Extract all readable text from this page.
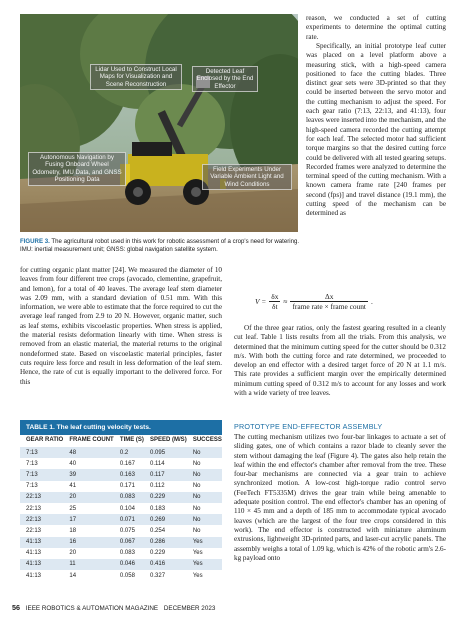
Lidar Used to Construct Local Maps for Visualization and Scene Reconstruction
Detected Leaf Enclosed by the End Effector
Autonomous Navigation by Fusing Onboard Wheel Odometry, IMU Data, and GNSS Positioning Data
Field Experiments Under Variable Ambient Light and Wind Conditions
FIGURE 3. The agricultural robot used in this work for robotic assessment of a crop's need for watering. IMU: inertial measurement unit; GNSS: global navigation satellite system.
for cutting organic plant matter [24]. We measured the diameter of 10 leaves from four different tree crops (avocado, clementine, grapefruit, and lemon), for a total of 40 leaves. The average leaf stem diameter was 2.09 mm, with a standard deviation of 0.51 mm. With this information, we were able to estimate that the force required to cut the average leaf ranged from 2.9 to 20 N. However, organic matter, such as leaf stems, exhibits viscoelastic properties. When stress is applied, the material resists deformation linearly with time. When stress is removed from an elastic material, the material returns to the original nondeformed state. Based on viscoelastic material principles, faster cuts require less force and result in less deformation of the leaf stem. Hence, the rate of cut is equally important to the delivered force. For this
TABLE 1. The leaf cutting velocity tests.
GEAR RATIO	FRAME COUNT	TIME (S)	SPEED (M/S)	SUCCESS
7:13	48	0.2	0.095	No
7:13	40	0.167	0.114	No
7:13	39	0.163	0.117	No
7:13	41	0.171	0.112	No
22:13	20	0.083	0.229	No
22:13	25	0.104	0.183	No
22:13	17	0.071	0.269	No
22:13	18	0.075	0.254	No
41:13	16	0.067	0.286	Yes
41:13	20	0.083	0.229	Yes
41:13	11	0.046	0.416	Yes
41:13	14	0.058	0.327	Yes
reason, we conducted a set of cutting experiments to determine the optimal cutting rate.
Specifically, an initial prototype leaf cutter was placed on a level platform above a measuring stick, with a high-speed camera positioned to face the cutting blades. Three distinct gear sets were 3D-printed so that they could be inserted between the servo motor and the cutting mechanism to adjust the speed. For each gear ratio (7:13, 22:13, and 41:13), four leaves were inserted into the mechanism, and the high-speed camera recorded the cutting attempt for each leaf. The selected motor had sufficient torque margins so that the desired cutting force could be delivered with all tested gearing setups. Recorded frames were analyzed to determine the terminal speed of the cutting mechanism. With a known camera frame rate [240 frames per second (fps)] and travel distance (19.1 mm), the cutting speed of the mechanism can be determined as
$V = \frac{\delta x}{\delta t} \approx \frac{\Delta x}{\text{frame rate × frame count}}$ .
Of the three gear ratios, only the fastest gearing resulted in a cleanly cut leaf. Table 1 lists results from all the trials. From this analysis, we determined that the minimum cutting speed for the cutter should be 0.312 m/s. With both the cutting force and rate determined, we proceeded to develop an end effector with a desired target force of 20 N at 1.1 m/s. This rate provides a sufficient margin over the empirically determined minimum cutting speed of 0.312 m/s to account for any losses and work with a wide variety of tree leaves.
PROTOTYPE END-EFFECTOR ASSEMBLY
The cutting mechanism utilizes two four-bar linkages to actuate a set of sliding gates, one of which contains a razor blade to cleanly sever the stem without damaging the leaf (Figure 4). The gates also help retain the leaf within the end effector's chamber after removal from the tree. These four-bar mechanisms are connected via a gear train to achieve synchronized motion. A low-cost high-torque radio control servo (FeeTech FT5335M) drives the gear train while being amenable to adequate position control. The end effector's chamber has an opening of 110 × 45 mm and a depth of 185 mm to accommodate typical avocado leaves (which are the largest of the four tree crops considered in this work). The end effector is constructed with miniature aluminum extrusions, lightweight 3D-printed parts, and laser-cut acrylic panels. The assembly weighs a total of 1.09 kg, which is 42% of the robotic arm's 2.6-kg payload onto
56 IEEE ROBOTICS & AUTOMATION MAGAZINE DECEMBER 2023
